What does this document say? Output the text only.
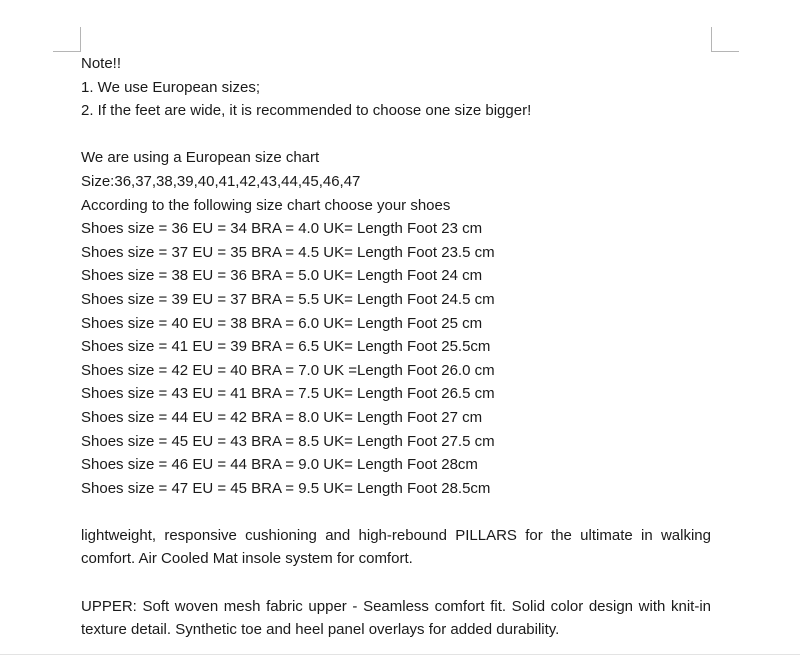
Note!!
1. We use European sizes;
2. If the feet are wide, it is recommended to choose one size bigger!
We are using a European size chart
Size:36,37,38,39,40,41,42,43,44,45,46,47
According to the following size chart choose your shoes
Shoes size = 36 EU = 34 BRA = 4.0 UK= Length Foot 23 cm
Shoes size = 37 EU = 35 BRA = 4.5 UK= Length Foot 23.5 cm
Shoes size = 38 EU = 36 BRA = 5.0 UK= Length Foot 24 cm
Shoes size = 39 EU = 37 BRA = 5.5 UK= Length Foot 24.5 cm
Shoes size = 40 EU = 38 BRA = 6.0 UK= Length Foot 25 cm
Shoes size = 41 EU = 39 BRA = 6.5 UK= Length Foot 25.5cm
Shoes size = 42 EU = 40 BRA = 7.0 UK =Length Foot 26.0 cm
Shoes size = 43 EU = 41 BRA = 7.5 UK= Length Foot 26.5 cm
Shoes size = 44 EU = 42 BRA = 8.0 UK= Length Foot 27 cm
Shoes size = 45 EU = 43 BRA = 8.5 UK= Length Foot 27.5 cm
Shoes size = 46 EU = 44 BRA = 9.0 UK= Length Foot 28cm
Shoes size = 47 EU = 45 BRA = 9.5 UK= Length Foot 28.5cm
lightweight, responsive cushioning and high-rebound PILLARS for the ultimate in walking comfort. Air Cooled Mat insole system for comfort.
UPPER: Soft woven mesh fabric upper - Seamless comfort fit. Solid color design with knit-in texture detail. Synthetic toe and heel panel overlays for added durability.
